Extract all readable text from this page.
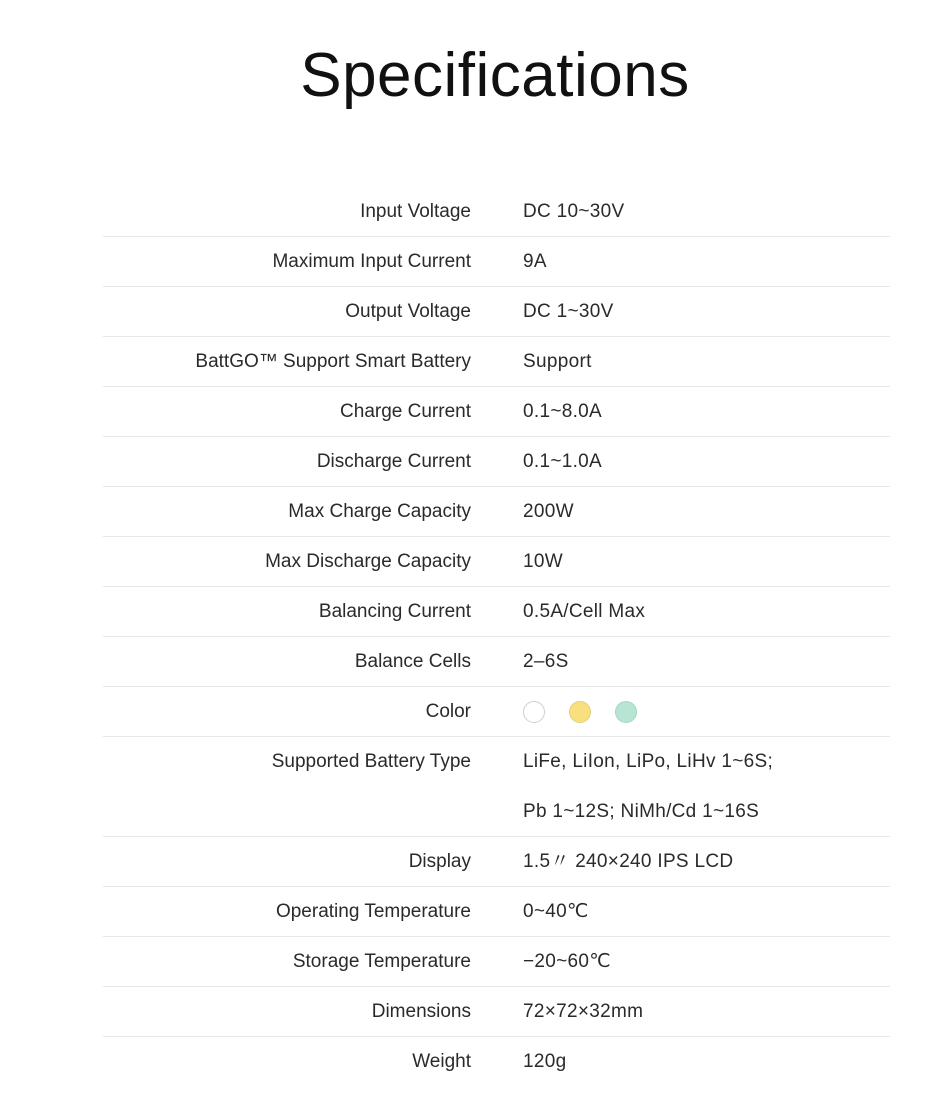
Specifications
Input Voltage	DC 10~30V
Maximum Input Current	9A
Output Voltage	DC 1~30V
BattGO™ Support Smart Battery	Support
Charge Current	0.1~8.0A
Discharge Current	0.1~1.0A
Max Charge Capacity	200W
Max Discharge Capacity	10W
Balancing Current	0.5A/Cell Max
Balance Cells	2–6S
Color
Supported Battery Type	LiFe, LiIon, LiPo, LiHv 1~6S;
Pb 1~12S; NiMh/Cd 1~16S
Display	1.5〃 240×240 IPS LCD
Operating Temperature	0~40℃
Storage Temperature	−20~60℃
Dimensions	72×72×32mm
Weight	120g
